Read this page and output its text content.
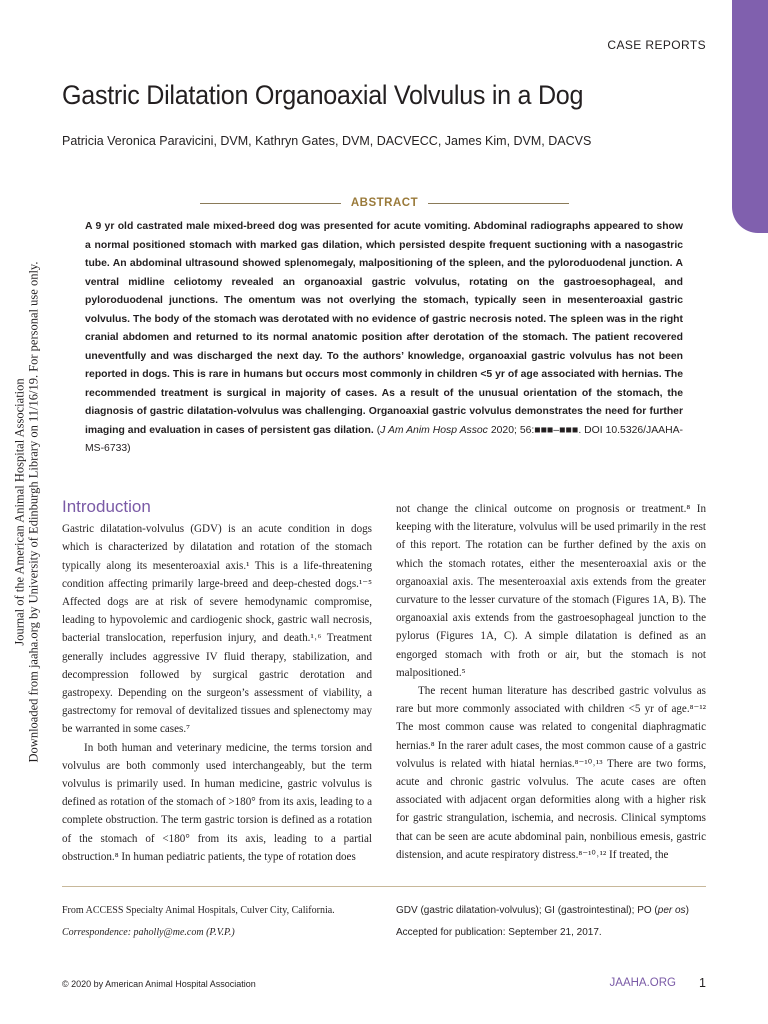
Journal of the American Animal Hospital Association Downloaded from jaaha.org by University of Edinburgh Library on 11/16/19. For personal use only.
CASE REPORTS
Gastric Dilatation Organoaxial Volvulus in a Dog
Patricia Veronica Paravicini, DVM, Kathryn Gates, DVM, DACVECC, James Kim, DVM, DACVS
ABSTRACT

A 9 yr old castrated male mixed-breed dog was presented for acute vomiting. Abdominal radiographs appeared to show a normal positioned stomach with marked gas dilation, which persisted despite frequent suctioning with a nasogastric tube. An abdominal ultrasound showed splenomegaly, malpositioning of the spleen, and the pyloroduodenal junction. A ventral midline celiotomy revealed an organoaxial gastric volvulus, rotating on the gastroesophageal, and pyloroduodenal junctions. The omentum was not overlying the stomach, typically seen in mesenteroaxial gastric volvulus. The body of the stomach was derotated with no evidence of gastric necrosis noted. The spleen was in the right cranial abdomen and returned to its normal anatomic position after derotation of the stomach. The patient recovered uneventfully and was discharged the next day. To the authors’ knowledge, organoaxial gastric volvulus has not been reported in dogs. This is rare in humans but occurs most commonly in children <5 yr of age associated with hernias. The recommended treatment is surgical in majority of cases. As a result of the unusual orientation of the stomach, the diagnosis of gastric dilatation-volvulus was challenging. Organoaxial gastric volvulus demonstrates the need for further imaging and evaluation in cases of persistent gas dilation. (J Am Anim Hosp Assoc 2020; 56:■■■–■■■. DOI 10.5326/JAAHA-MS-6733)

Introduction

Gastric dilatation-volvulus (GDV) is an acute condition in dogs which is characterized by dilatation and rotation of the stomach typically along its mesenteroaxial axis.¹ This is a life-threatening condition affecting primarily large-breed and deep-chested dogs.¹⁻⁵ Affected dogs are at risk of severe hemodynamic compromise, leading to hypovolemic and cardiogenic shock, gastric wall necrosis, bacterial translocation, reperfusion injury, and death.¹˒⁶ Treatment generally includes aggressive IV fluid therapy, stabilization, and decompression followed by surgical gastric derotation and gastropexy. Depending on the surgeon’s assessment of viability, a gastrectomy for removal of devitalized tissues and splenectomy may be warranted in some cases.⁷

In both human and veterinary medicine, the terms torsion and volvulus are both commonly used interchangeably, but the term volvulus is primarily used. In human medicine, gastric volvulus is defined as rotation of the stomach of >180° from its axis, leading to a complete obstruction. The term gastric torsion is defined as a rotation of the stomach of <180° from its axis, leading to a partial obstruction.⁸ In human pediatric patients, the type of rotation does

not change the clinical outcome on prognosis or treatment.⁸ In keeping with the literature, volvulus will be used primarily in the rest of this report. The rotation can be further defined by the axis on which the stomach rotates, either the mesenteroaxial axis or the organoaxial axis. The mesenteroaxial axis extends from the greater curvature to the lesser curvature of the stomach (Figures 1A, B). The organoaxial axis extends from the gastroesophageal junction to the pylorus (Figures 1A, C). A simple dilatation is defined as an engorged stomach with froth or air, but the stomach is not malpositioned.⁵

The recent human literature has described gastric volvulus as rare but more commonly associated with children <5 yr of age.⁸⁻¹² The most common cause was related to congenital diaphragmatic hernias.⁸ In the rarer adult cases, the most common cause of a gastric volvulus is related with hiatal hernias.⁸⁻¹⁰˒¹³ There are two forms, acute and chronic gastric volvulus. The acute cases are often associated with adjacent organ deformities along with a higher risk for gastric strangulation, ischemia, and necrosis. Clinical symptoms that can be seen are acute abdominal pain, nonbilious emesis, gastric distension, and acute respiratory distress.⁸⁻¹⁰˒¹² If treated, the

From ACCESS Specialty Animal Hospitals, Culver City, California.

Correspondence: paholly@me.com (P.V.P.)

GDV (gastric dilatation-volvulus); GI (gastrointestinal); PO (per os)

Accepted for publication: September 21, 2017.

© 2020 by American Animal Hospital Association	JAAHA.ORG 1
